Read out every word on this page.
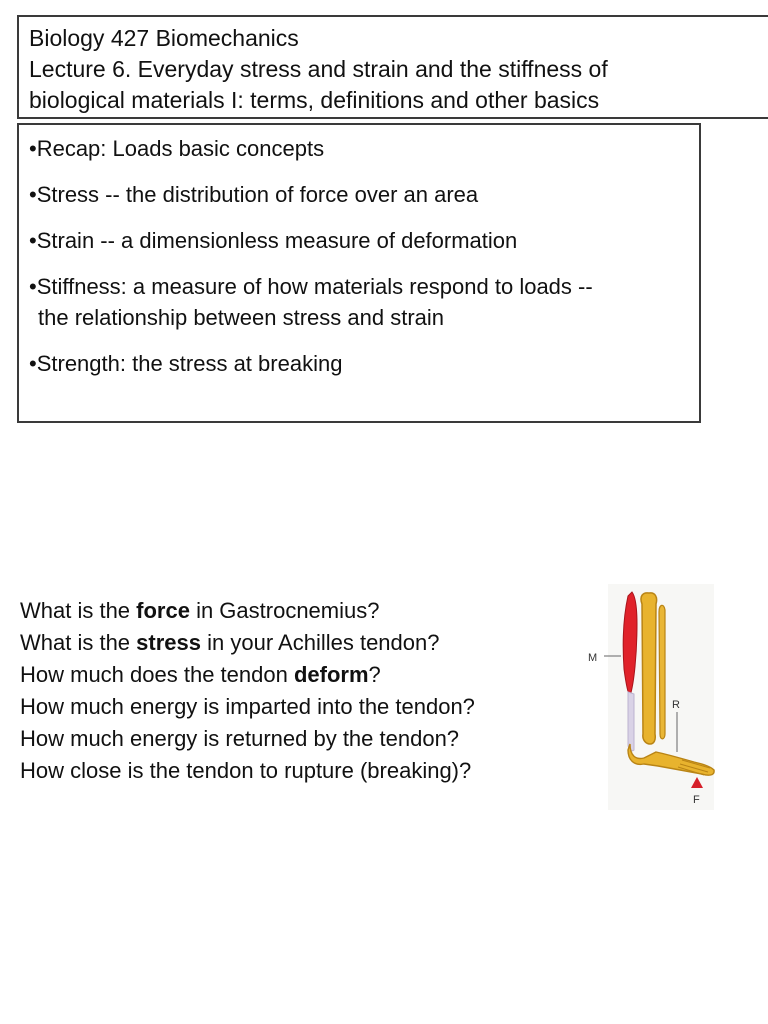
Biology 427 Biomechanics
Lecture 6. Everyday stress and strain and the stiffness of
biological materials I: terms, definitions and other basics
•Recap: Loads basic concepts
•Stress -- the distribution of force over an area
•Strain -- a dimensionless measure of deformation
•Stiffness: a measure of how materials respond to loads --
the relationship between stress and strain
•Strength: the stress at breaking
What is the force in Gastrocnemius?
What is the stress in your Achilles tendon?
How much does the tendon deform?
How much energy is imparted into the tendon?
How much energy is returned by the tendon?
How close is the tendon to rupture (breaking)?
M
R
F
